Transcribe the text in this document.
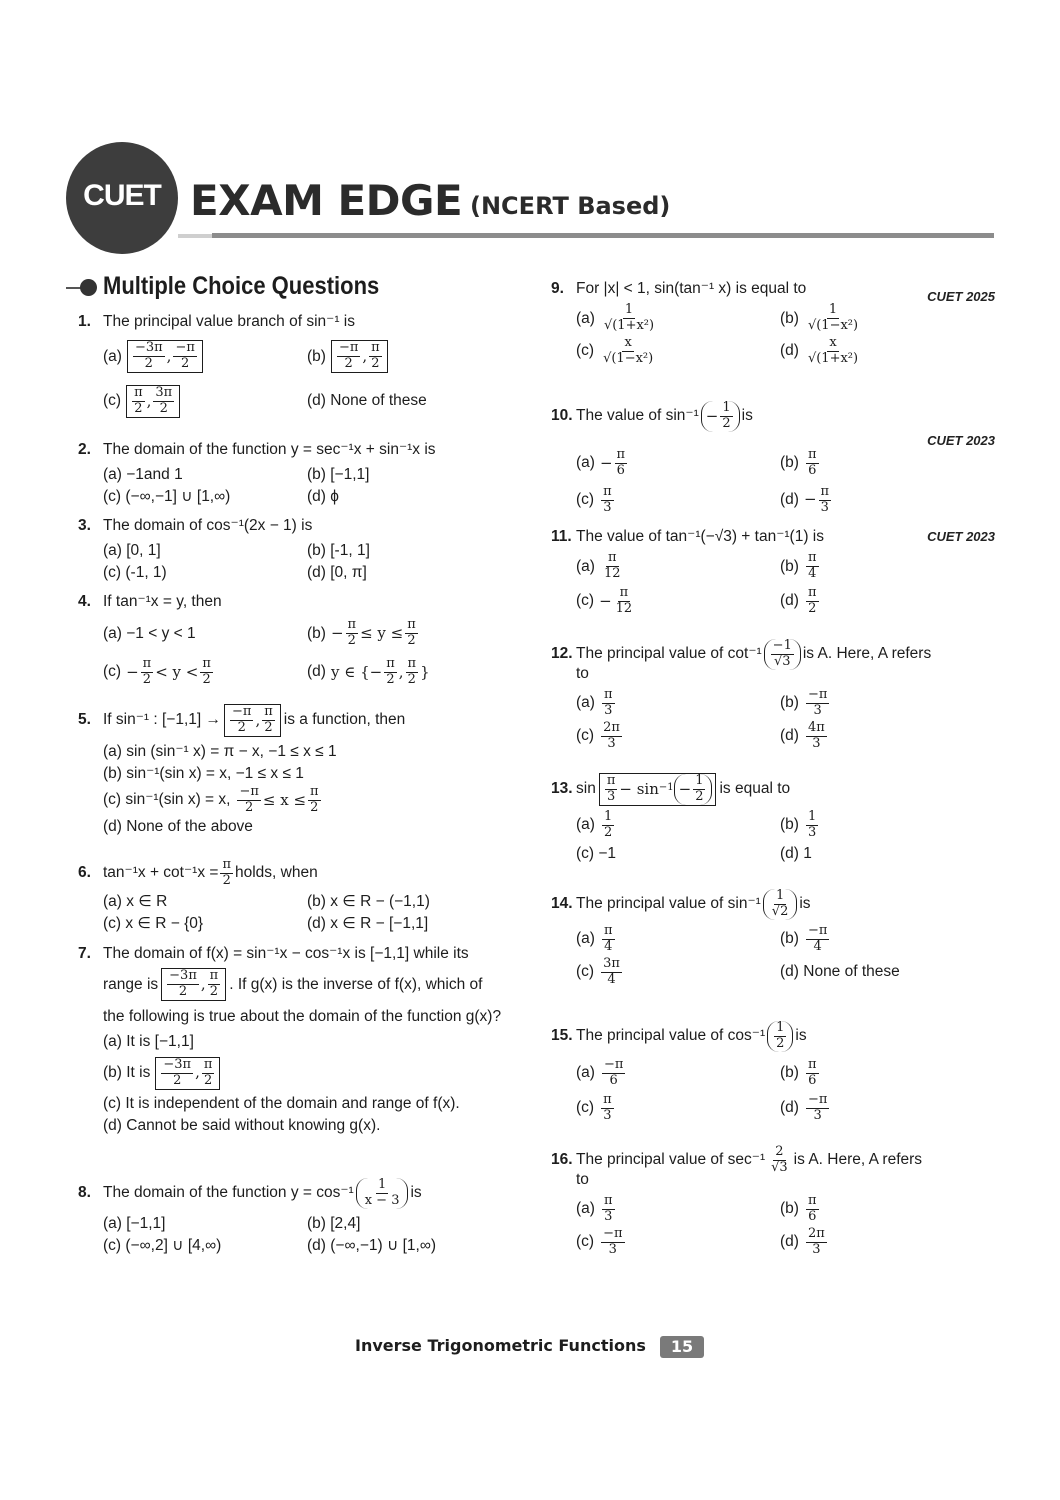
CUET EXAM EDGE (NCERT Based)
Multiple Choice Questions
1. The principal value branch of sin⁻¹ is
$(a) \frac{-3\pi}{2}$ , $\frac{-\pi}{2}$	$(b) \frac{-\pi}{2}$ , $\frac{\pi}{2}$
$(c) \frac{\pi}{2}$ , $\frac{3\pi}{2}$	(d) None of these
2. The domain of the function y = sec⁻¹x + sin⁻¹x is
(a) −1and 1	(b) [−1,1]
(c) (−∞,−1] ∪ [1,∞)	(d) ϕ
3. The domain of cos⁻¹(2x − 1) is
(a) [0, 1]	(b) [-1, 1]
(c) (-1, 1)	(d) [0, π]
4. If tan⁻¹x = y, then
(a) −1 < y < 1	$(b) - \frac{\pi}{2} \le y \le \frac{\pi}{2}$
$(c) - \frac{\pi}{2} < y < \frac{\pi}{2}$	(d) y ∈ {− $\frac{\pi}{2}$ , $\frac{\pi}{2}$ }
5. If sin⁻¹ : $[-1,1] \to \frac{-\pi}{2}$ , $\frac{\pi}{2}$ is a function, then
(a) sin (sin⁻¹ x) = π − x, −1 ≤ x ≤ 1
(b) sin⁻¹(sin x) = x, −1 ≤ x ≤ 1
(c) sin⁻¹(sin x) = x, $\frac{-\pi}{2} \le x \le \frac{\pi}{2}$
(d) None of the above
6. $\tan^{-1}x + \cot^{-1}x = \frac{\pi}{2}$ holds, when
(a) x ∈ R	(b) x ∈ R − (−1,1)
(c) x ∈ R − {0}	(d) x ∈ R − [−1,1]
7. The domain of f(x) = sin⁻¹x − cos⁻¹x is [−1,1] while its
range is $\frac{-3\pi}{2}$ , $\frac{\pi}{2}$ . If g(x) is the inverse of f(x), which of
the following is true about the domain of the function g(x)?
(a) It is [−1,1]
(b) It is $\frac{-3\pi}{2}$ , $\frac{\pi}{2}$
(c) It is independent of the domain and range of f(x).
(d) Cannot be said without knowing g(x).
8. The domain of the function $y = \cos^{-1} \frac{1}{x - 3}$ is
(a) [−1,1]	(b) [2,4]
(c) (−∞,2] ∪ [4,∞)	(d) (−∞,−1) ∪ [1,∞)
9. For |x| < 1, sin(tan⁻¹ x) is equal to	CUET 2025
$(a) \frac{1}{\text{√(1+x²)}}$	$(b) \frac{1}{\text{√(1−x²)}}$
$(c) \frac{x}{\text{√(1−x²)}}$	$(d) \frac{x}{\text{√(1+x²)}}$
10. The value of $\sin^{-1} - \frac{1}{2}$ is
CUET 2023
$(a) - \frac{\pi}{6}$	$(b) \frac{\pi}{6}$
$(c) \frac{\pi}{3}$	$(d) - \frac{\pi}{3}$
11. The value of tan⁻¹(−√3) + tan⁻¹(1) is	CUET 2023
$(a) \frac{\pi}{12}$	$(b) \frac{\pi}{4}$
$(c) - \frac{\pi}{12}$	$(d) \frac{\pi}{2}$
12. The principal value of $\cot^{-1} \frac{-1}{√3}$ is A. Here, A refers
to
$(a) \frac{\pi}{3}$	$(b) \frac{-\pi}{3}$
$(c) \frac{2\pi}{3}$	$(d) \frac{4\pi}{3}$
13. $\sin \frac{\pi}{3} - \sin -1 - \frac{1}{2}$ is equal to
$(a) \frac{1}{2}$	$(b) \frac{1}{3}$
(c) −1	(d) 1
14. The principal value of $\sin^{-1} \frac{1}{√2}$ is
$(a) \frac{\pi}{4}$	$(b) \frac{-\pi}{4}$
$(c) \frac{3\pi}{4}$	(d) None of these
15. The principal value of $\cos^{-1} \frac{1}{2}$ is
$(a) \frac{-\pi}{6}$	$(b) \frac{\pi}{6}$
$(c) \frac{\pi}{3}$	$(d) \frac{-\pi}{3}$
16. The principal value of $\sec^{-1} \frac{2}{√3}$ is A. Here, A refers
to
$(a) \frac{\pi}{3}$	$(b) \frac{\pi}{6}$
$(c) \frac{-\pi}{3}$	$(d) \frac{2\pi}{3}$
Inverse Trigonometric Functions	15
